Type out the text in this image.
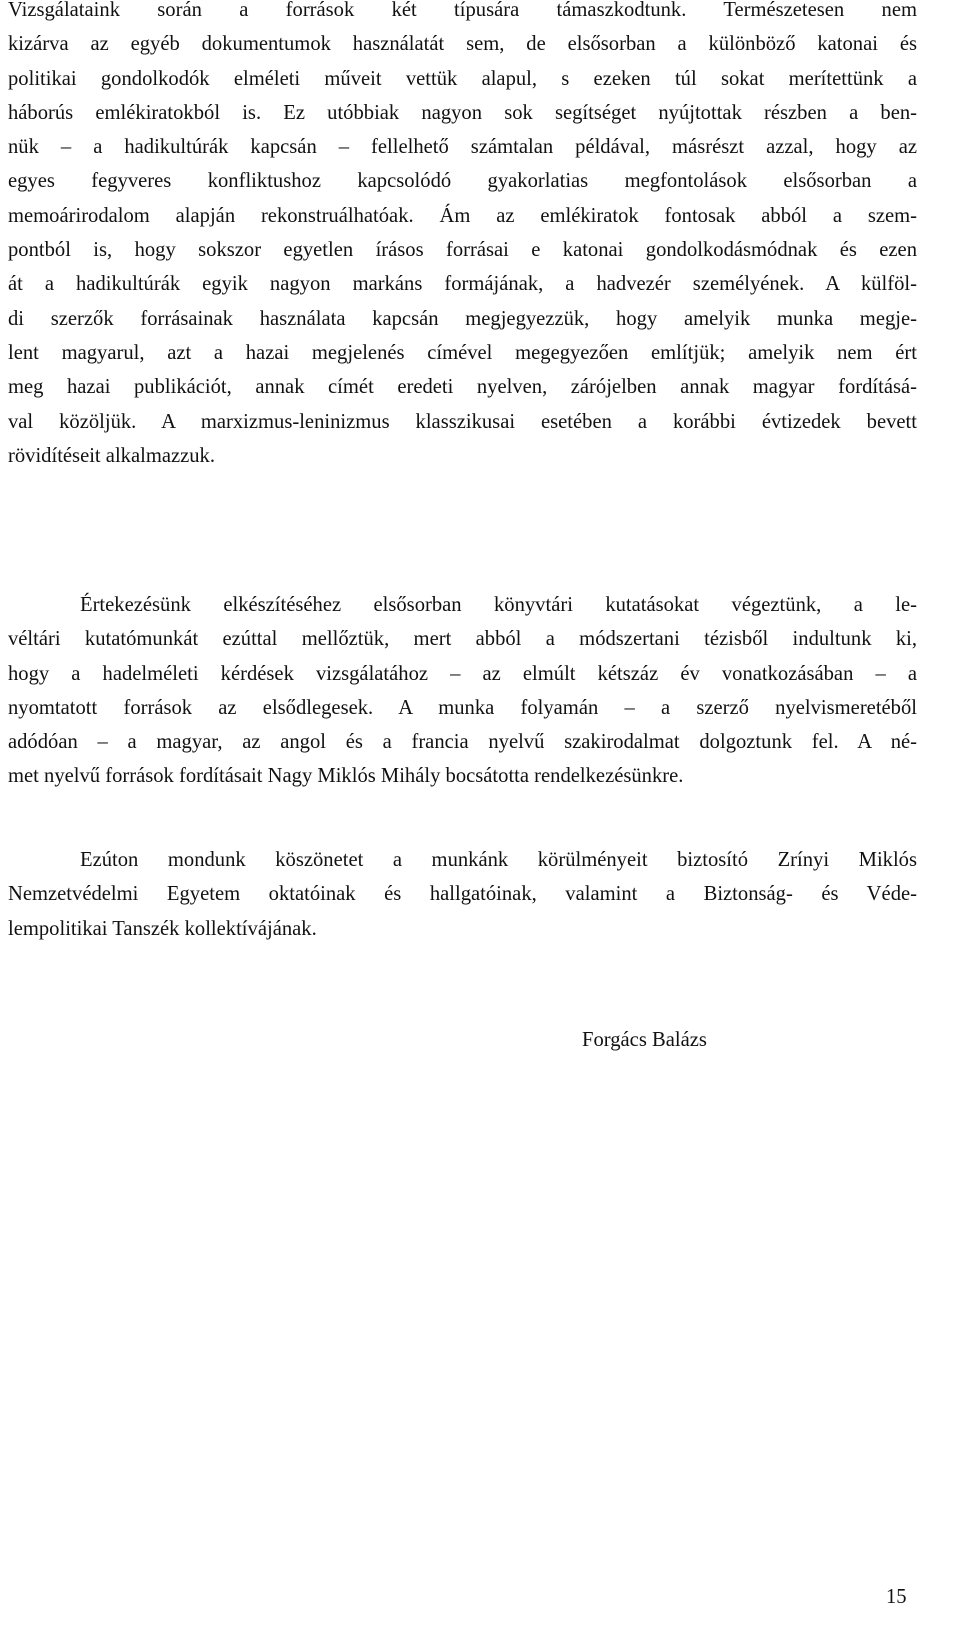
Vizsgálataink során a források két típusára támaszkodtunk. Természetesen nem
kizárva az egyéb dokumentumok használatát sem, de elsősorban a különböző katonai és
politikai gondolkodók elméleti műveit vettük alapul, s ezeken túl sokat merítettünk a
háborús emlékiratokból is. Ez utóbbiak nagyon sok segítséget nyújtottak részben a ben-
nük – a hadikultúrák kapcsán – fellelhető számtalan példával, másrészt azzal, hogy az
egyes fegyveres konfliktushoz kapcsolódó gyakorlatias megfontolások elsősorban a
memoárirodalom alapján rekonstruálhatóak. Ám az emlékiratok fontosak abból a szem-
pontból is, hogy sokszor egyetlen írásos forrásai e katonai gondolkodásmódnak és ezen
át a hadikultúrák egyik nagyon markáns formájának, a hadvezér személyének. A külföl-
di szerzők forrásainak használata kapcsán megjegyezzük, hogy amelyik munka megje-
lent magyarul, azt a hazai megjelenés címével megegyezően említjük; amelyik nem ért
meg hazai publikációt, annak címét eredeti nyelven, zárójelben annak magyar fordításá-
val közöljük. A marxizmus-leninizmus klasszikusai esetében a korábbi évtizedek bevett
rövidítéseit alkalmazzuk.
Értekezésünk elkészítéséhez elsősorban könyvtári kutatásokat végeztünk, a le-
véltári kutatómunkát ezúttal mellőztük, mert abból a módszertani tézisből indultunk ki,
hogy a hadelméleti kérdések vizsgálatához – az elmúlt kétszáz év vonatkozásában – a
nyomtatott források az elsődlegesek. A munka folyamán – a szerző nyelvismeretéből
adódóan – a magyar, az angol és a francia nyelvű szakirodalmat dolgoztunk fel. A né-
met nyelvű források fordításait Nagy Miklós Mihály bocsátotta rendelkezésünkre.
Ezúton mondunk köszönetet a munkánk körülményeit biztosító Zrínyi Miklós
Nemzetvédelmi Egyetem oktatóinak és hallgatóinak, valamint a Biztonság- és Véde-
lempolitikai Tanszék kollektívájának.
Forgács Balázs
15
